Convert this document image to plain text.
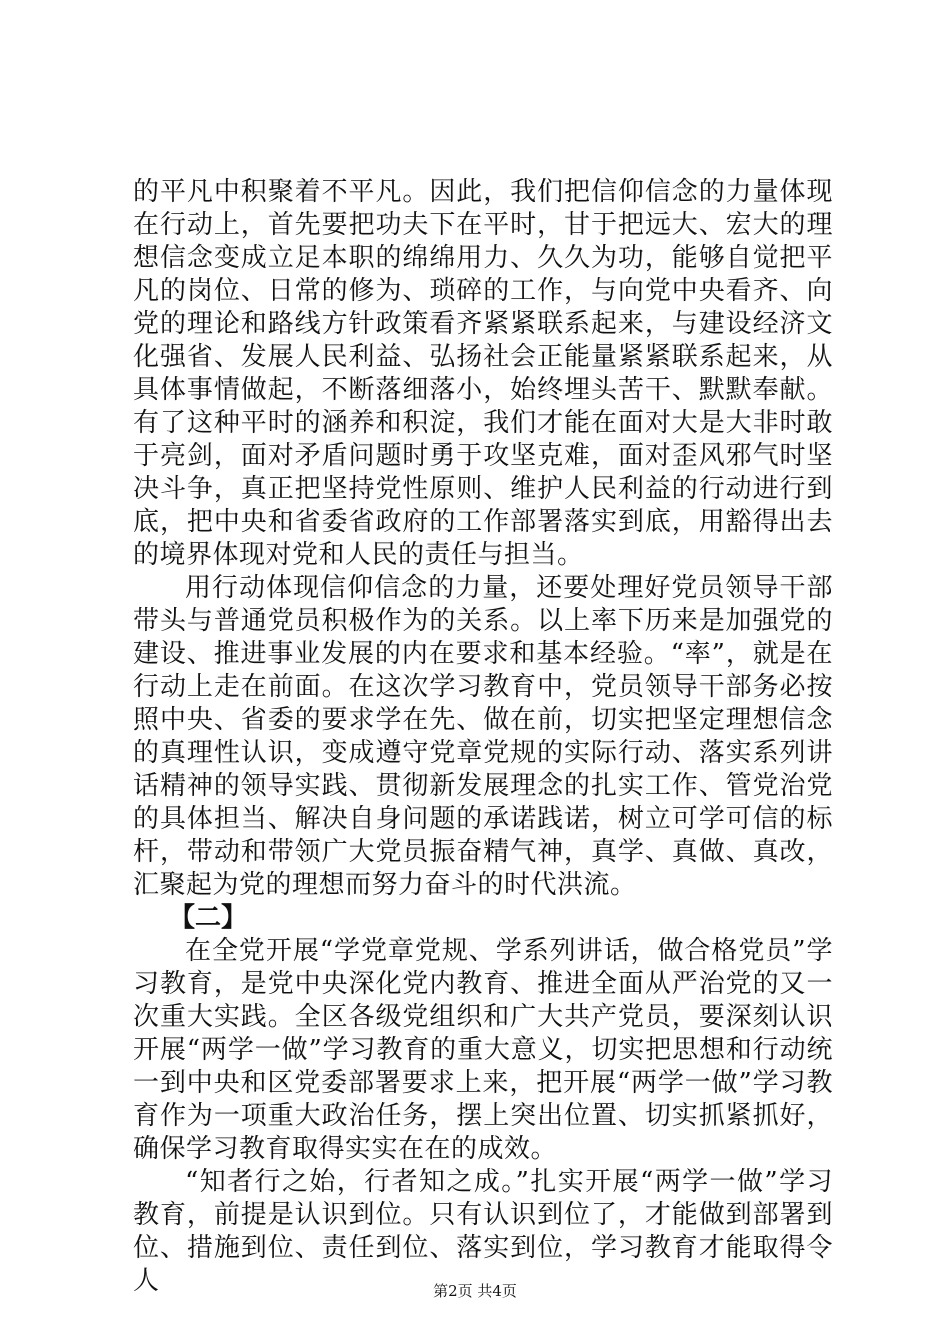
的平凡中积聚着不平凡。因此，我们把信仰信念的力量体现在行动上，首先要把功夫下在平时，甘于把远大、宏大的理想信念变成立足本职的绵绵用力、久久为功，能够自觉把平凡的岗位、日常的修为、琐碎的工作，与向党中央看齐、向党的理论和路线方针政策看齐紧紧联系起来，与建设经济文化强省、发展人民利益、弘扬社会正能量紧紧联系起来，从具体事情做起，不断落细落小，始终埋头苦干、默默奉献。有了这种平时的涵养和积淀，我们才能在面对大是大非时敢于亮剑，面对矛盾问题时勇于攻坚克难，面对歪风邪气时坚决斗争，真正把坚持党性原则、维护人民利益的行动进行到底，把中央和省委省政府的工作部署落实到底，用豁得出去的境界体现对党和人民的责任与担当。

用行动体现信仰信念的力量，还要处理好党员领导干部带头与普通党员积极作为的关系。以上率下历来是加强党的建设、推进事业发展的内在要求和基本经验。“率”，就是在行动上走在前面。在这次学习教育中，党员领导干部务必按照中央、省委的要求学在先、做在前，切实把坚定理想信念的真理性认识，变成遵守党章党规的实际行动、落实系列讲话精神的领导实践、贯彻新发展理念的扎实工作、管党治党的具体担当、解决自身问题的承诺践诺，树立可学可信的标杆，带动和带领广大党员振奋精气神，真学、真做、真改，汇聚起为党的理想而努力奋斗的时代洪流。

【二】

在全党开展“学党章党规、学系列讲话，做合格党员”学习教育，是党中央深化党内教育、推进全面从严治党的又一次重大实践。全区各级党组织和广大共产党员，要深刻认识开展“两学一做”学习教育的重大意义，切实把思想和行动统一到中央和区党委部署要求上来，把开展“两学一做”学习教育作为一项重大政治任务，摆上突出位置、切实抓紧抓好，确保学习教育取得实实在在的成效。

“知者行之始，行者知之成。”扎实开展“两学一做”学习教育，前提是认识到位。只有认识到位了，才能做到部署到位、措施到位、责任到位、落实到位，学习教育才能取得令人	第2页 共4页
